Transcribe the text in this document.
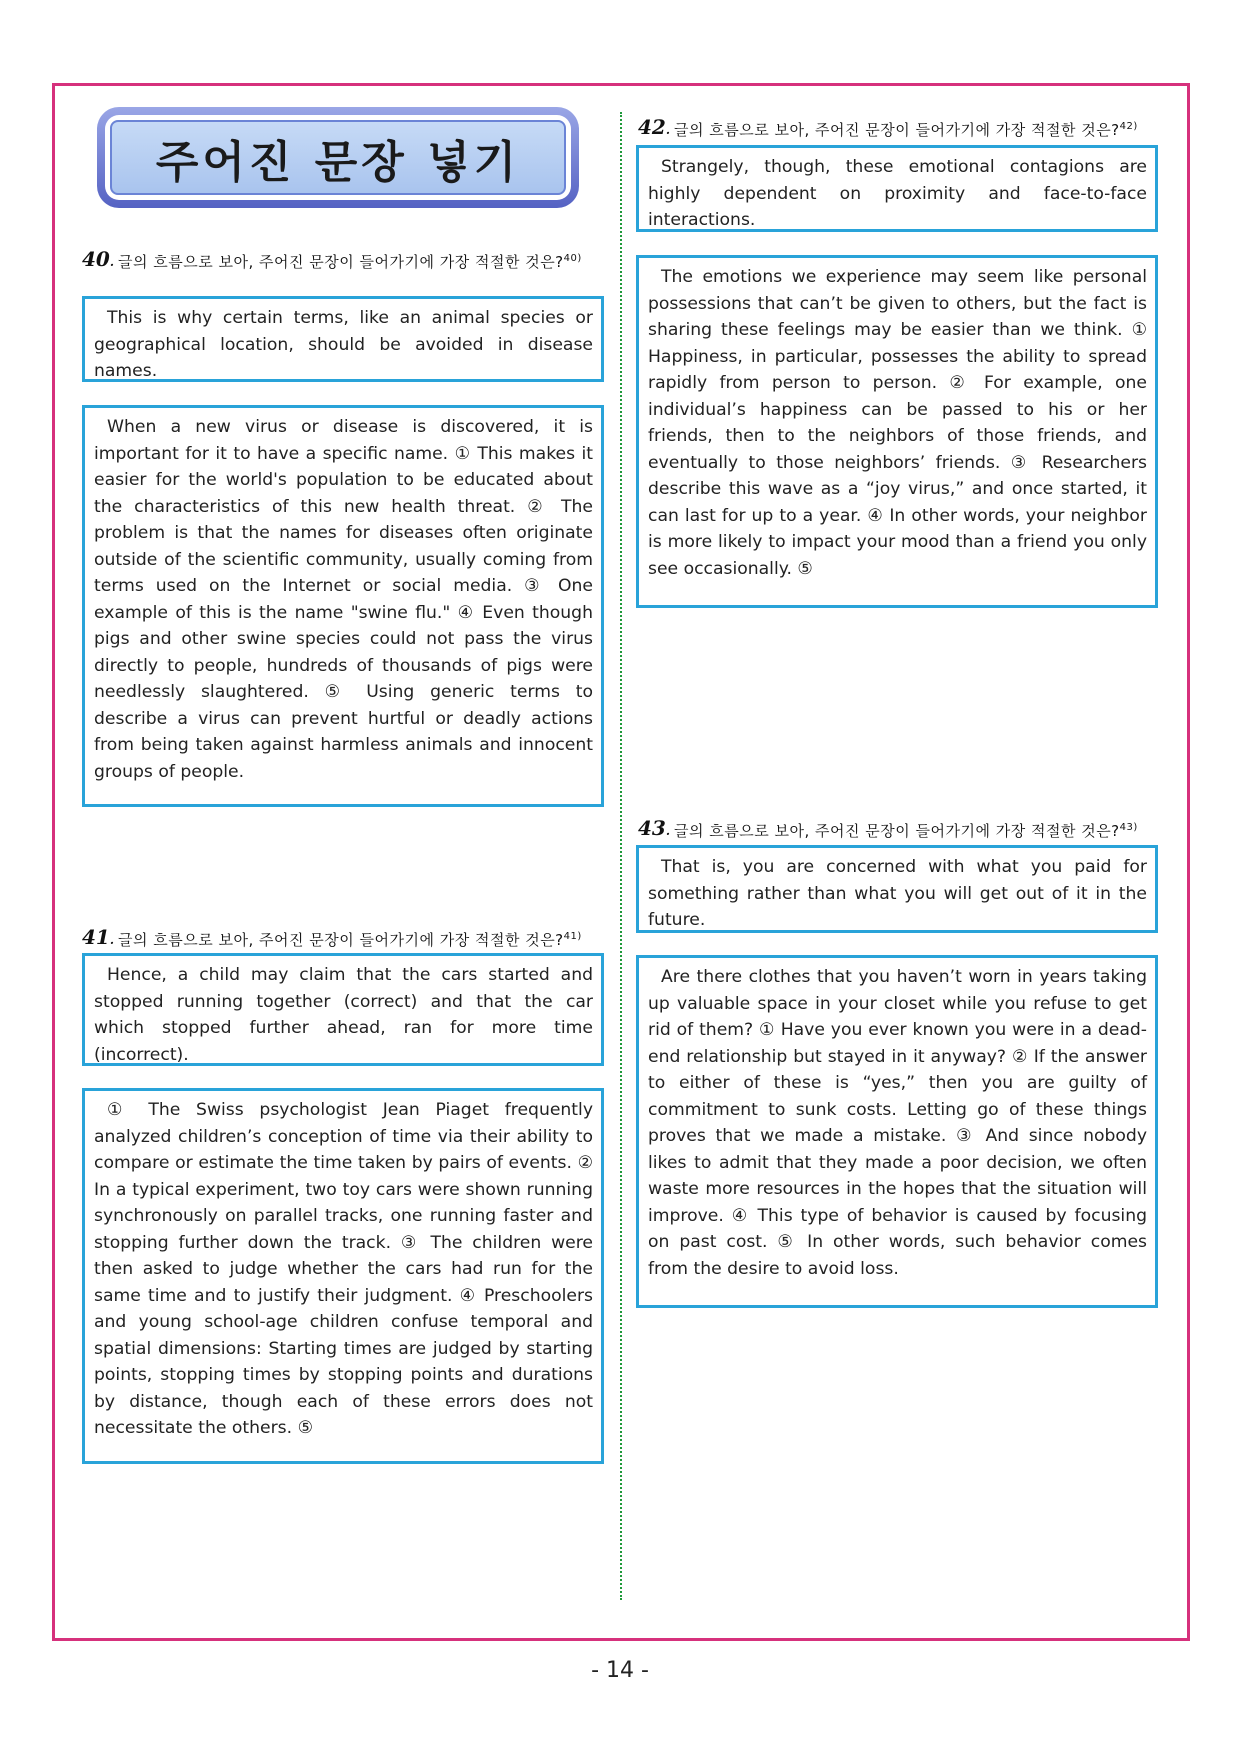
주어진 문장 넣기
40. 글의 흐름으로 보아, 주어진 문장이 들어가기에 가장 적절한 것은?$^{40)}$

This is why certain terms, like an animal species or geographical location, should be avoided in disease names.

When a new virus or disease is discovered, it is important for it to have a specific name. ① This makes it easier for the world's population to be educated about the characteristics of this new health threat. ② The problem is that the names for diseases often originate outside of the scientific community, usually coming from terms used on the Internet or social media. ③ One example of this is the name "swine flu." ④ Even though pigs and other swine species could not pass the virus directly to people, hundreds of thousands of pigs were needlessly slaughtered. ⑤ Using generic terms to describe a virus can prevent hurtful or deadly actions from being taken against harmless animals and innocent groups of people.

41. 글의 흐름으로 보아, 주어진 문장이 들어가기에 가장 적절한 것은?$^{41)}$

Hence, a child may claim that the cars started and stopped running together (correct) and that the car which stopped further ahead, ran for more time (incorrect).

① The Swiss psychologist Jean Piaget frequently analyzed children’s conception of time via their ability to compare or estimate the time taken by pairs of events. ② In a typical experiment, two toy cars were shown running synchronously on parallel tracks, one running faster and stopping further down the track. ③ The children were then asked to judge whether the cars had run for the same time and to justify their judgment. ④ Preschoolers and young school-age children confuse temporal and spatial dimensions: Starting times are judged by starting points, stopping times by stopping points and durations by distance, though each of these errors does not necessitate the others. ⑤

42. 글의 흐름으로 보아, 주어진 문장이 들어가기에 가장 적절한 것은?$^{42)}$

Strangely, though, these emotional contagions are highly dependent on proximity and face-to-face interactions.

The emotions we experience may seem like personal possessions that can’t be given to others, but the fact is sharing these feelings may be easier than we think. ① Happiness, in particular, possesses the ability to spread rapidly from person to person. ② For example, one individual’s happiness can be passed to his or her friends, then to the neighbors of those friends, and eventually to those neighbors’ friends. ③ Researchers describe this wave as a “joy virus,” and once started, it can last for up to a year. ④ In other words, your neighbor is more likely to impact your mood than a friend you only see occasionally. ⑤

43. 글의 흐름으로 보아, 주어진 문장이 들어가기에 가장 적절한 것은?$^{43)}$

That is, you are concerned with what you paid for something rather than what you will get out of it in the future.

Are there clothes that you haven’t worn in years taking up valuable space in your closet while you refuse to get rid of them? ① Have you ever known you were in a dead-end relationship but stayed in it anyway? ② If the answer to either of these is “yes,” then you are guilty of commitment to sunk costs. Letting go of these things proves that we made a mistake. ③ And since nobody likes to admit that they made a poor decision, we often waste more resources in the hopes that the situation will improve. ④ This type of behavior is caused by focusing on past cost. ⑤ In other words, such behavior comes from the desire to avoid loss.

- 14 -
